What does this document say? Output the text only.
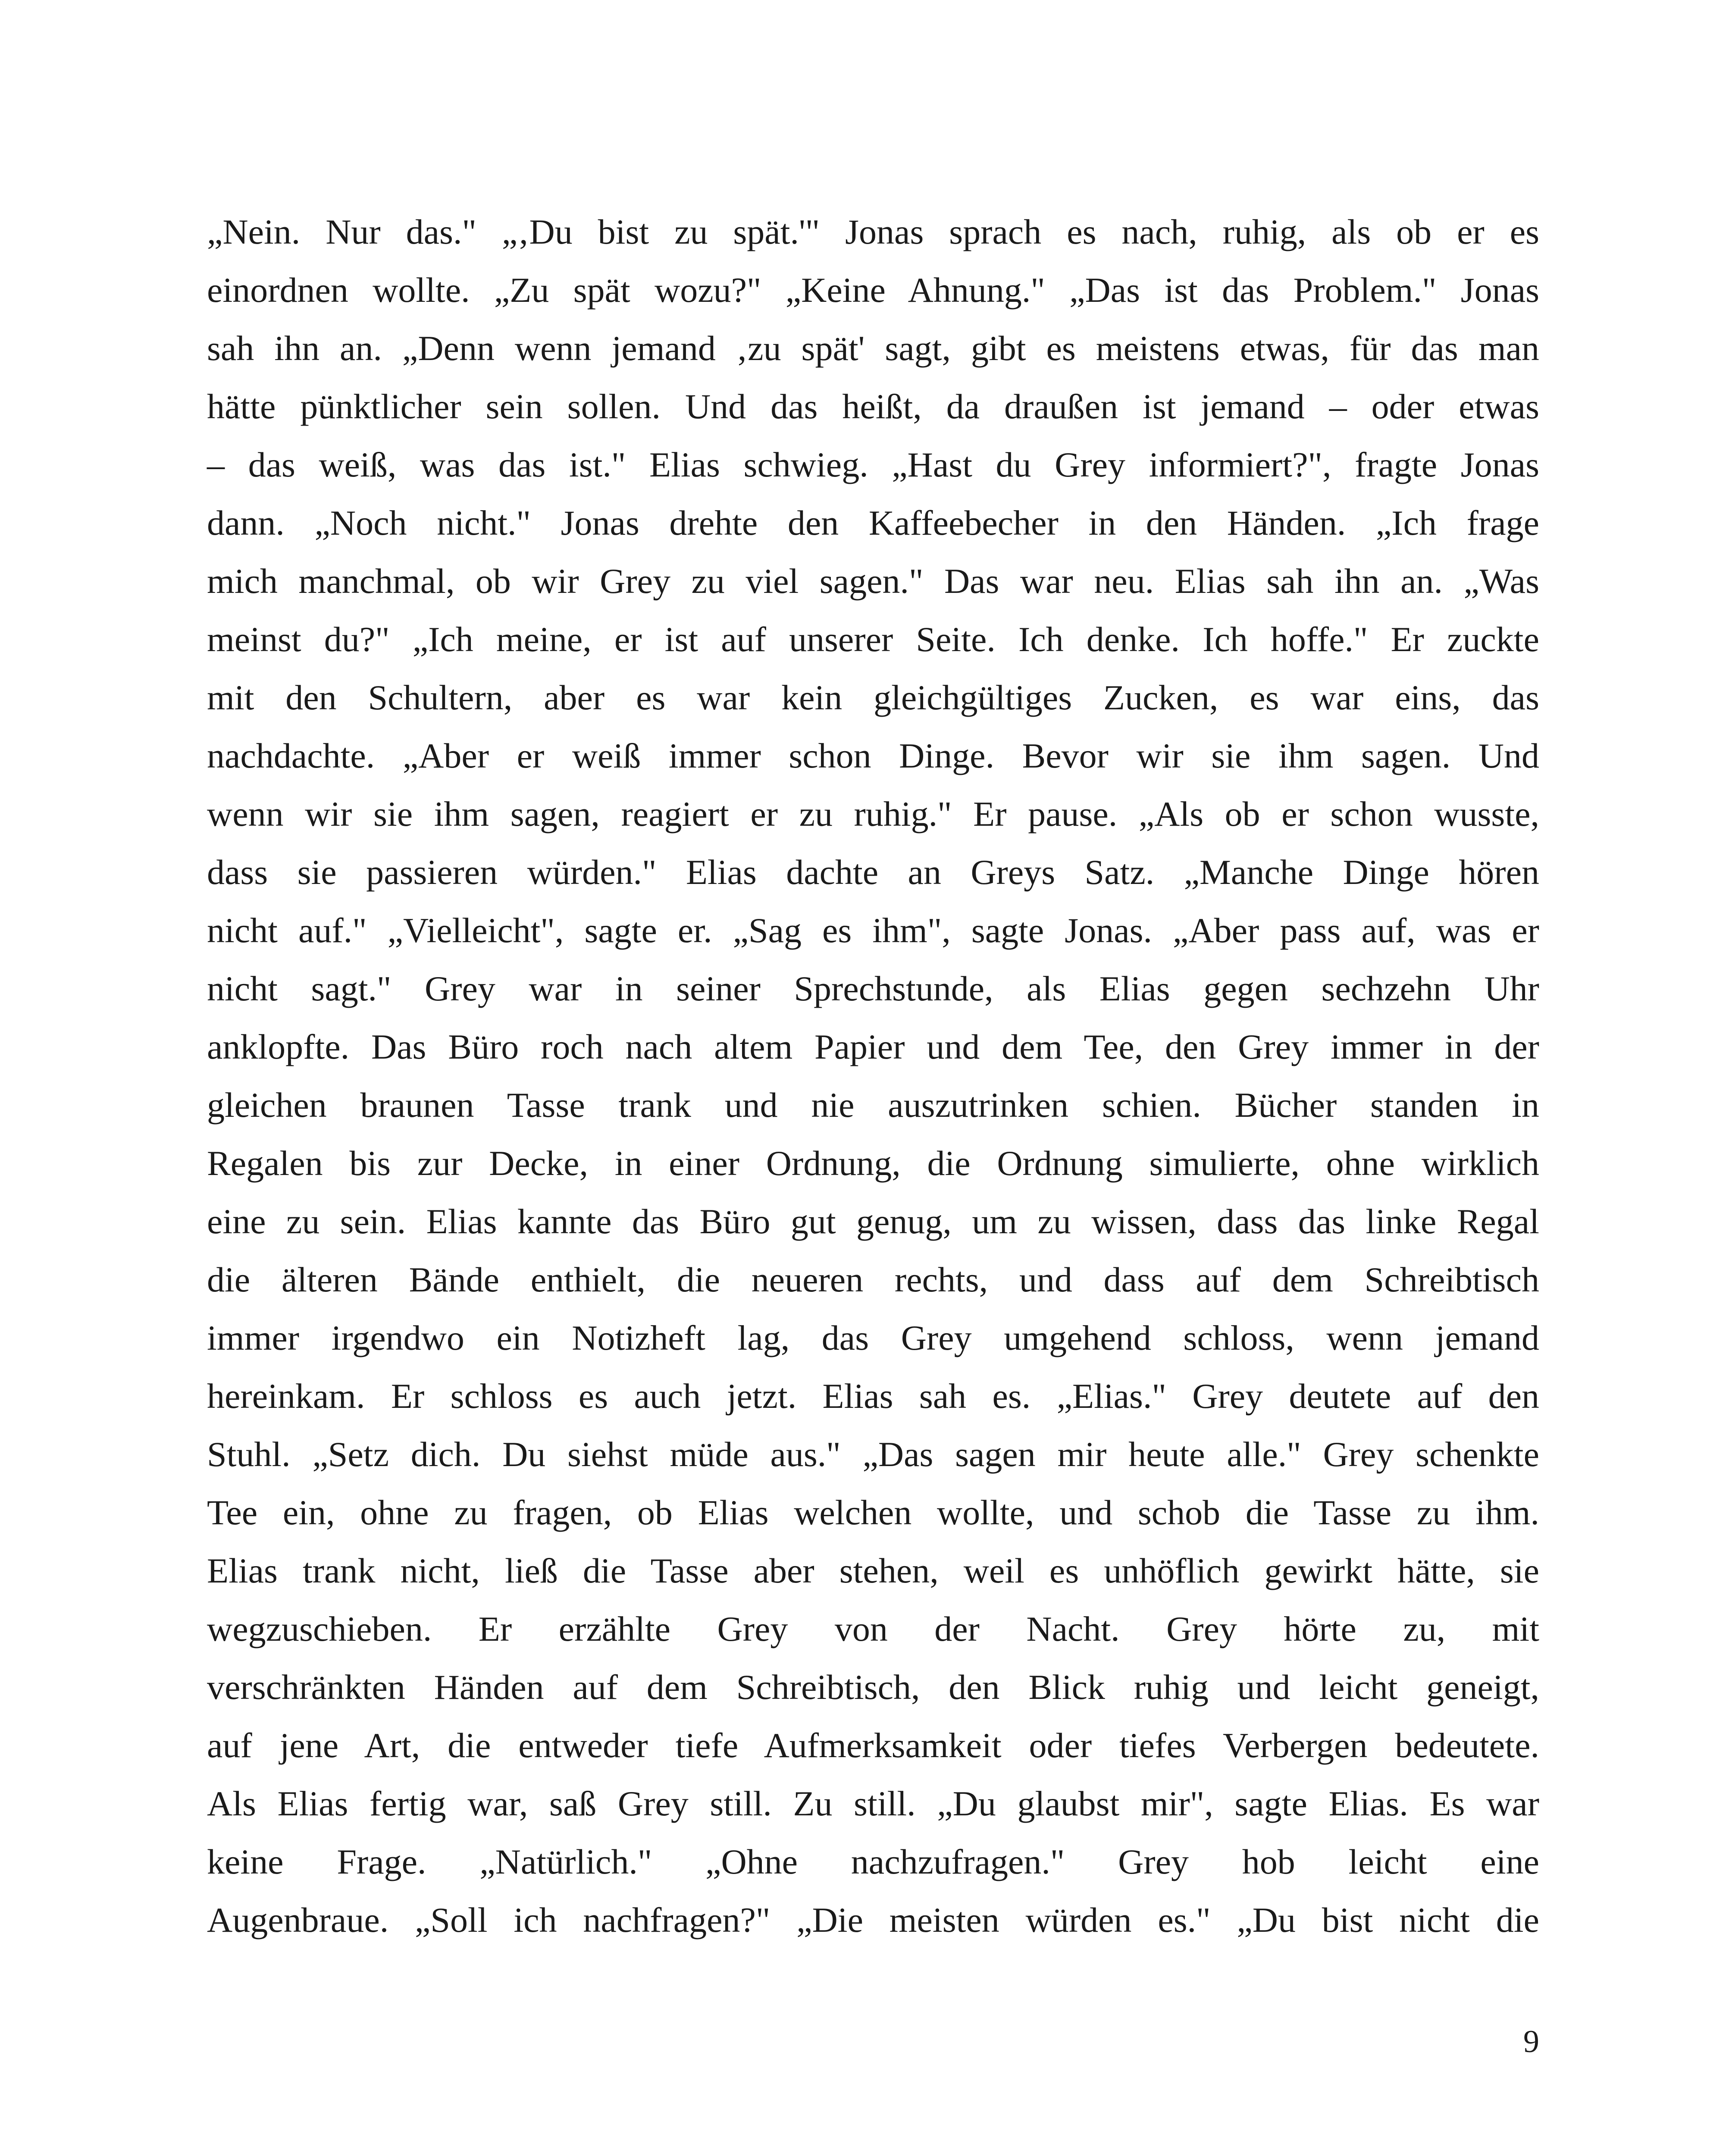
„Nein. Nur das." „‚Du bist zu spät.'" Jonas sprach es nach, ruhig, als ob er es
einordnen wollte. „Zu spät wozu?" „Keine Ahnung." „Das ist das Problem." Jonas
sah ihn an. „Denn wenn jemand ‚zu spät' sagt, gibt es meistens etwas, für das man
hätte pünktlicher sein sollen. Und das heißt, da draußen ist jemand – oder etwas
– das weiß, was das ist." Elias schwieg. „Hast du Grey informiert?", fragte Jonas
dann. „Noch nicht." Jonas drehte den Kaffeebecher in den Händen. „Ich frage
mich manchmal, ob wir Grey zu viel sagen." Das war neu. Elias sah ihn an. „Was
meinst du?" „Ich meine, er ist auf unserer Seite. Ich denke. Ich hoffe." Er zuckte
mit den Schultern, aber es war kein gleichgültiges Zucken, es war eins, das
nachdachte. „Aber er weiß immer schon Dinge. Bevor wir sie ihm sagen. Und
wenn wir sie ihm sagen, reagiert er zu ruhig." Er pause. „Als ob er schon wusste,
dass sie passieren würden." Elias dachte an Greys Satz. „Manche Dinge hören
nicht auf." „Vielleicht", sagte er. „Sag es ihm", sagte Jonas. „Aber pass auf, was er
nicht sagt." Grey war in seiner Sprechstunde, als Elias gegen sechzehn Uhr
anklopfte. Das Büro roch nach altem Papier und dem Tee, den Grey immer in der
gleichen braunen Tasse trank und nie auszutrinken schien. Bücher standen in
Regalen bis zur Decke, in einer Ordnung, die Ordnung simulierte, ohne wirklich
eine zu sein. Elias kannte das Büro gut genug, um zu wissen, dass das linke Regal
die älteren Bände enthielt, die neueren rechts, und dass auf dem Schreibtisch
immer irgendwo ein Notizheft lag, das Grey umgehend schloss, wenn jemand
hereinkam. Er schloss es auch jetzt. Elias sah es. „Elias." Grey deutete auf den
Stuhl. „Setz dich. Du siehst müde aus." „Das sagen mir heute alle." Grey schenkte
Tee ein, ohne zu fragen, ob Elias welchen wollte, und schob die Tasse zu ihm.
Elias trank nicht, ließ die Tasse aber stehen, weil es unhöflich gewirkt hätte, sie
wegzuschieben. Er erzählte Grey von der Nacht. Grey hörte zu, mit
verschränkten Händen auf dem Schreibtisch, den Blick ruhig und leicht geneigt,
auf jene Art, die entweder tiefe Aufmerksamkeit oder tiefes Verbergen bedeutete.
Als Elias fertig war, saß Grey still. Zu still. „Du glaubst mir", sagte Elias. Es war
keine Frage. „Natürlich." „Ohne nachzufragen." Grey hob leicht eine
Augenbraue. „Soll ich nachfragen?" „Die meisten würden es." „Du bist nicht die
9
